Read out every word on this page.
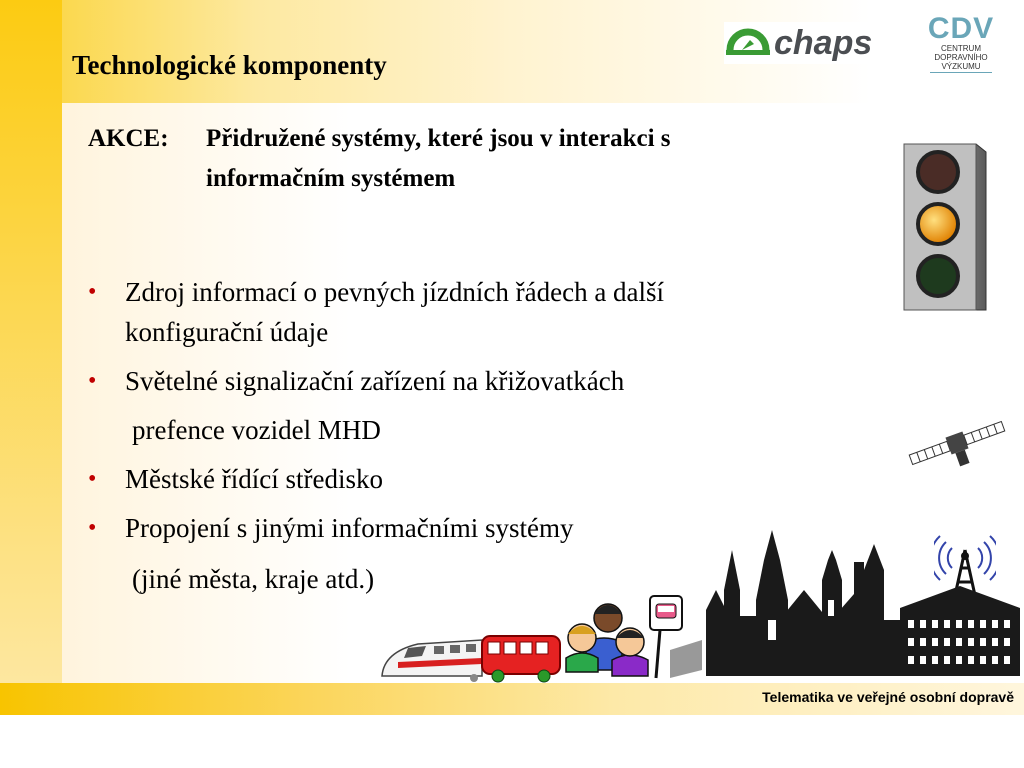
Technologické komponenty
chaps CDV
CENTRUM
DOPRAVNÍHO
VÝZKUMU
AKCE: Přidružené systémy, které jsou v interakci s
informačním systémem
• Zdroj informací o pevných jízdních řádech a další
konfigurační údaje
• Světelné signalizační zařízení na křižovatkách
prefence vozidel MHD
• Městské řídící středisko
• Propojení s jinými informačními systémy
(jiné města, kraje atd.)
Telematika ve veřejné osobní dopravě
